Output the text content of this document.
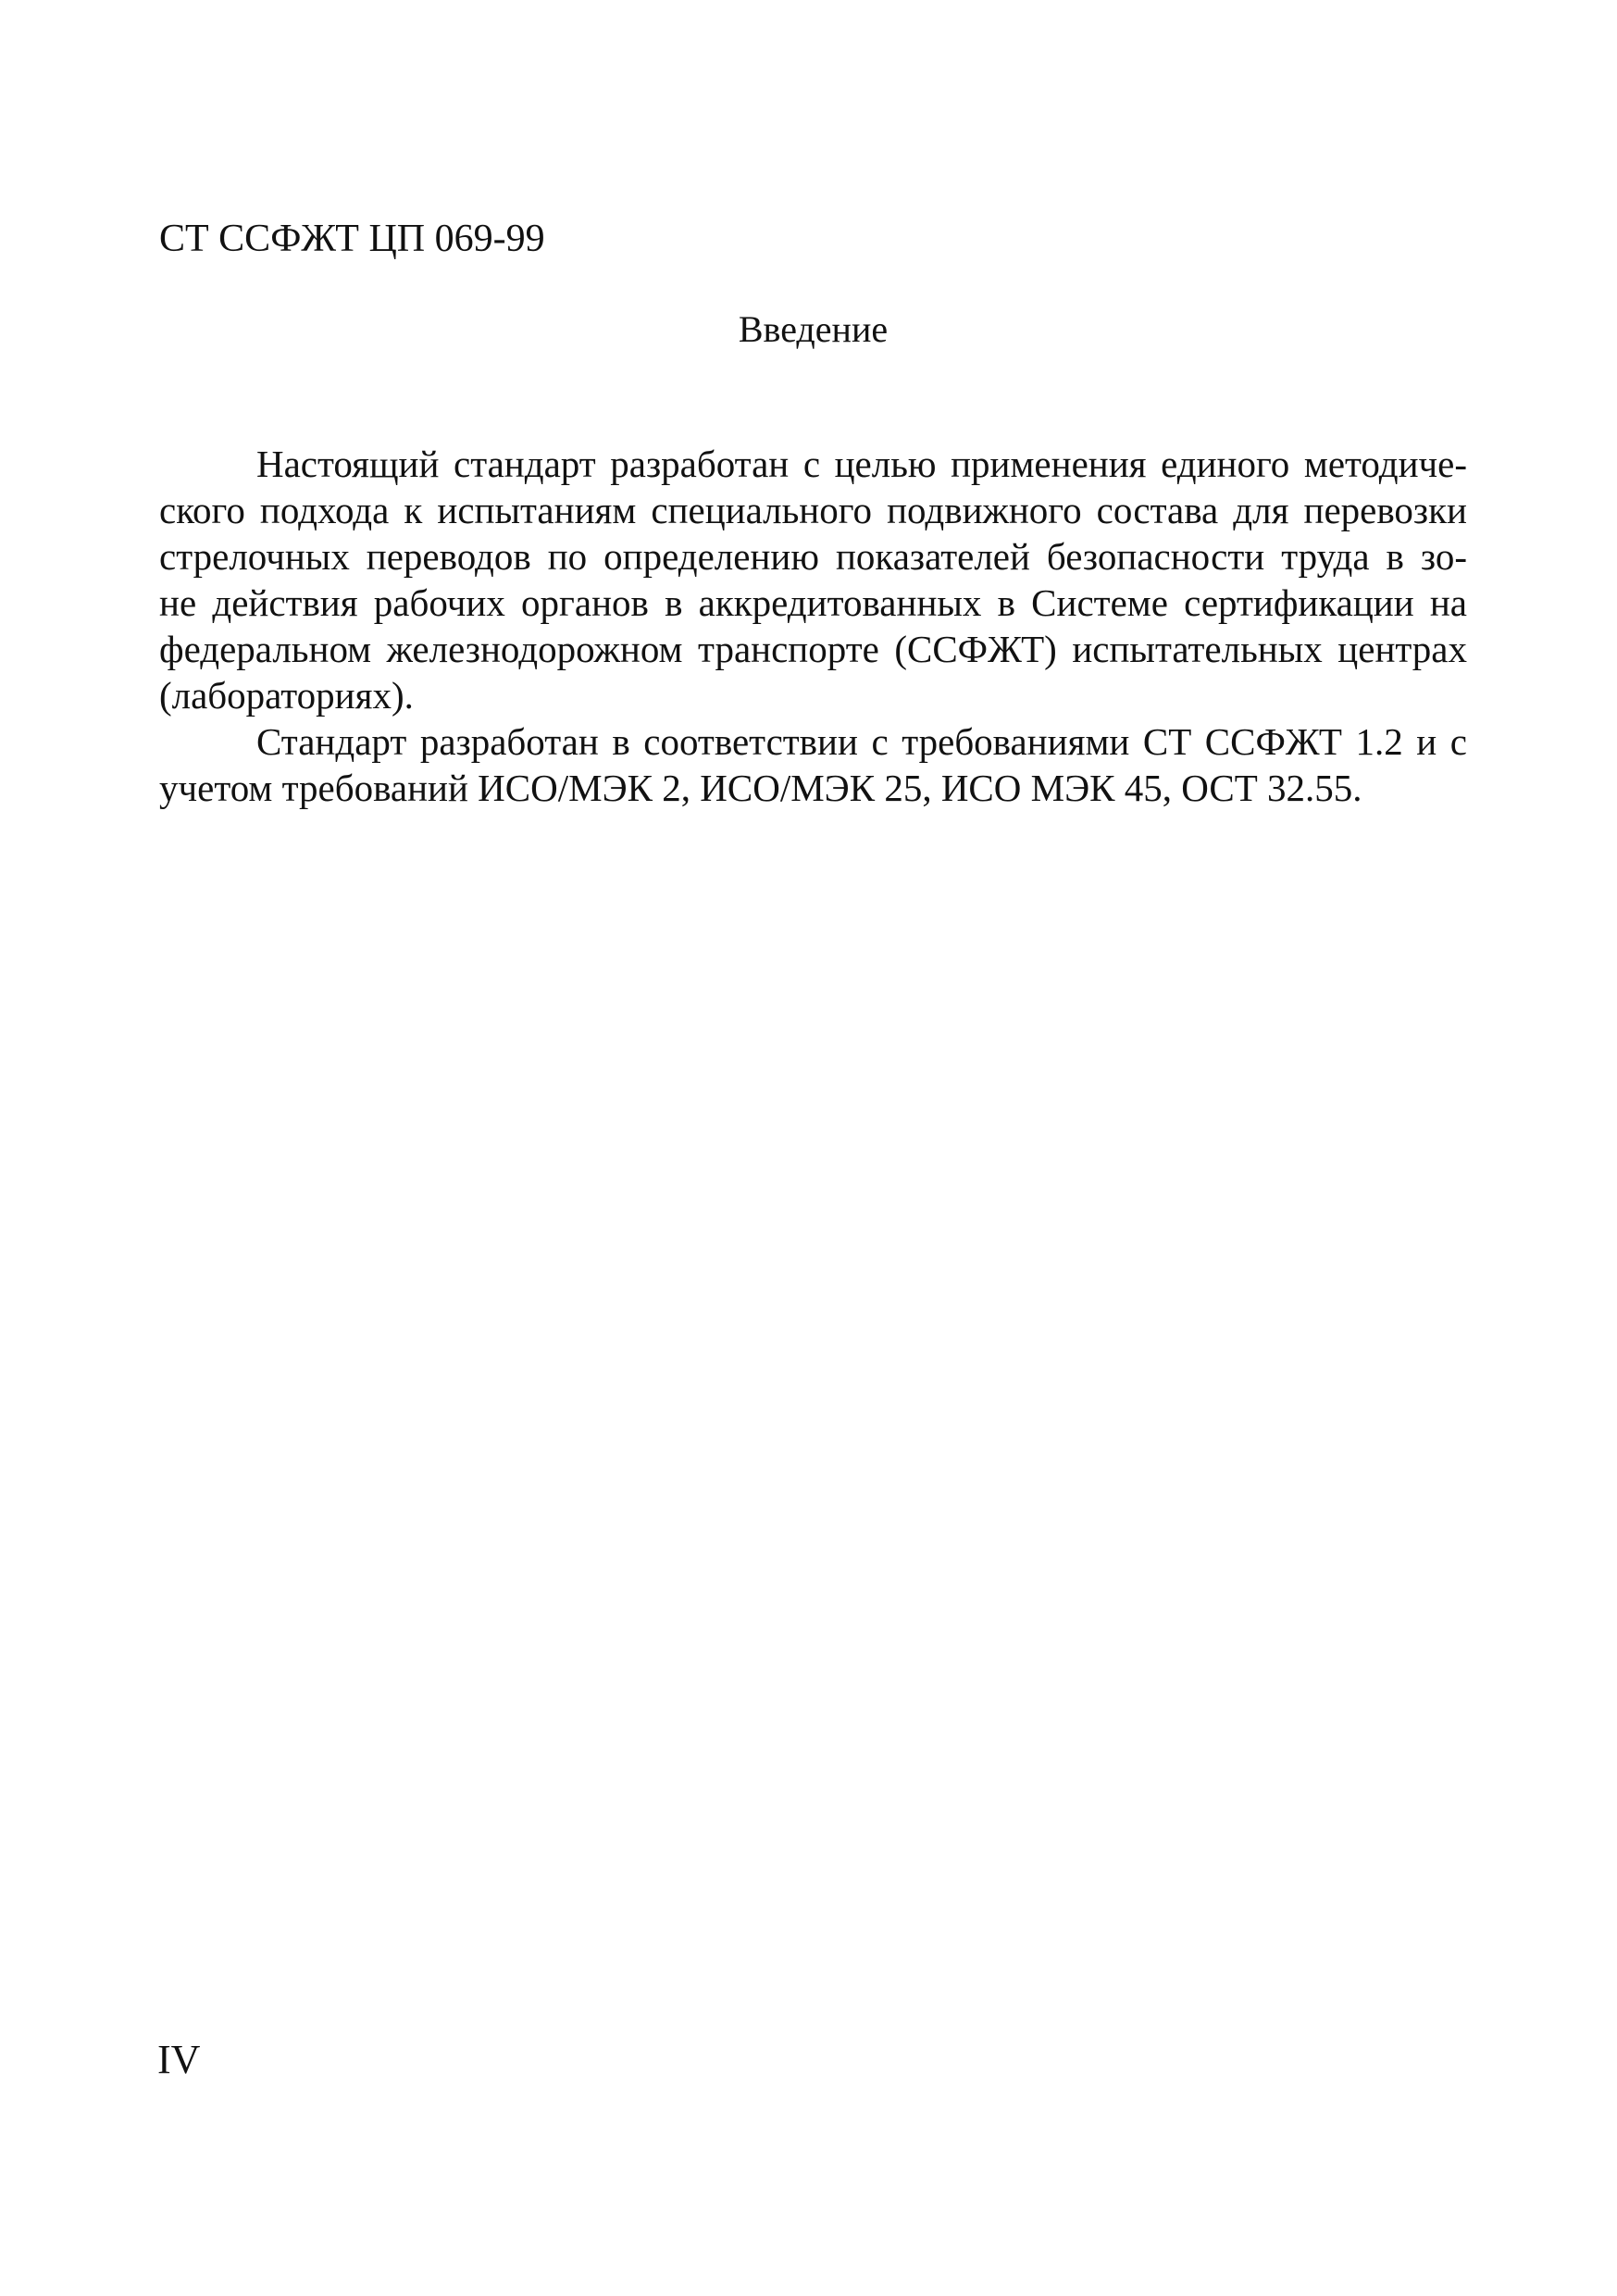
СТ ССФЖТ ЦП 069-99
Введение
Настоящий стандарт разработан с целью применения единого методиче-
ского подхода к испытаниям специального подвижного состава для перевозки
стрелочных переводов по определению показателей безопасности труда в зо-
не действия рабочих органов в аккредитованных в Системе сертификации на
федеральном железнодорожном транспорте (ССФЖТ) испытательных центрах
(лабораториях).
Стандарт разработан в соответствии с требованиями СТ ССФЖТ 1.2 и с
учетом требований ИСО/МЭК 2, ИСО/МЭК 25, ИСО МЭК 45, ОСТ 32.55.
IV
